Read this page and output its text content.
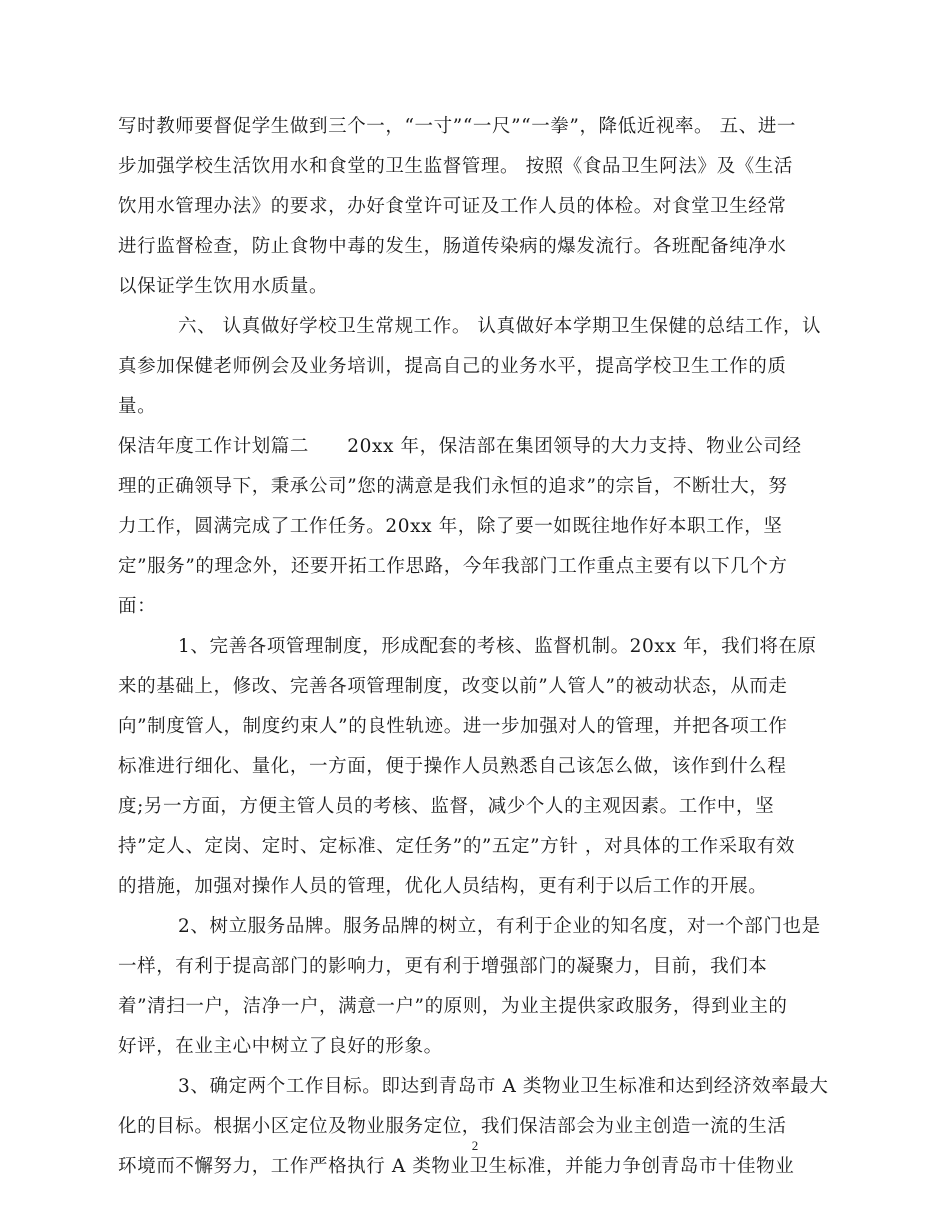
写时教师要督促学生做到三个一，“一寸”“一尺”“一拳”，降低近视率。 五、进一
步加强学校生活饮用水和食堂的卫生监督管理。 按照《食品卫生阿法》及《生活
饮用水管理办法》的要求，办好食堂许可证及工作人员的体检。对食堂卫生经常
进行监督检查，防止食物中毒的发生，肠道传染病的爆发流行。各班配备纯净水
以保证学生饮用水质量。
六、 认真做好学校卫生常规工作。 认真做好本学期卫生保健的总结工作，认
真参加保健老师例会及业务培训，提高自己的业务水平，提高学校卫生工作的质
量。
保洁年度工作计划篇二　　20xx 年，保洁部在集团领导的大力支持、物业公司经
理的正确领导下，秉承公司”您的满意是我们永恒的追求”的宗旨，不断壮大，努
力工作，圆满完成了工作任务。20xx 年，除了要一如既往地作好本职工作，坚
定”服务”的理念外，还要开拓工作思路，今年我部门工作重点主要有以下几个方
面：
1、完善各项管理制度，形成配套的考核、监督机制。20xx 年，我们将在原
来的基础上，修改、完善各项管理制度，改变以前”人管人”的被动状态，从而走
向”制度管人，制度约束人”的良性轨迹。进一步加强对人的管理，并把各项工作
标准进行细化、量化，一方面，便于操作人员熟悉自己该怎么做，该作到什么程
度;另一方面，方便主管人员的考核、监督，减少个人的主观因素。工作中，坚
持”定人、定岗、定时、定标准、定任务”的”五定”方针 ，对具体的工作采取有效
的措施，加强对操作人员的管理，优化人员结构，更有利于以后工作的开展。
2、树立服务品牌。服务品牌的树立，有利于企业的知名度，对一个部门也是
一样，有利于提高部门的影响力，更有利于增强部门的凝聚力，目前，我们本
着”清扫一户，洁净一户，满意一户”的原则，为业主提供家政服务，得到业主的
好评，在业主心中树立了良好的形象。
3、确定两个工作目标。即达到青岛市 A 类物业卫生标准和达到经济效率最大
化的目标。根据小区定位及物业服务定位，我们保洁部会为业主创造一流的生活
环境而不懈努力，工作严格执行 A 类物业卫生标准，并能力争创青岛市十佳物业
2
